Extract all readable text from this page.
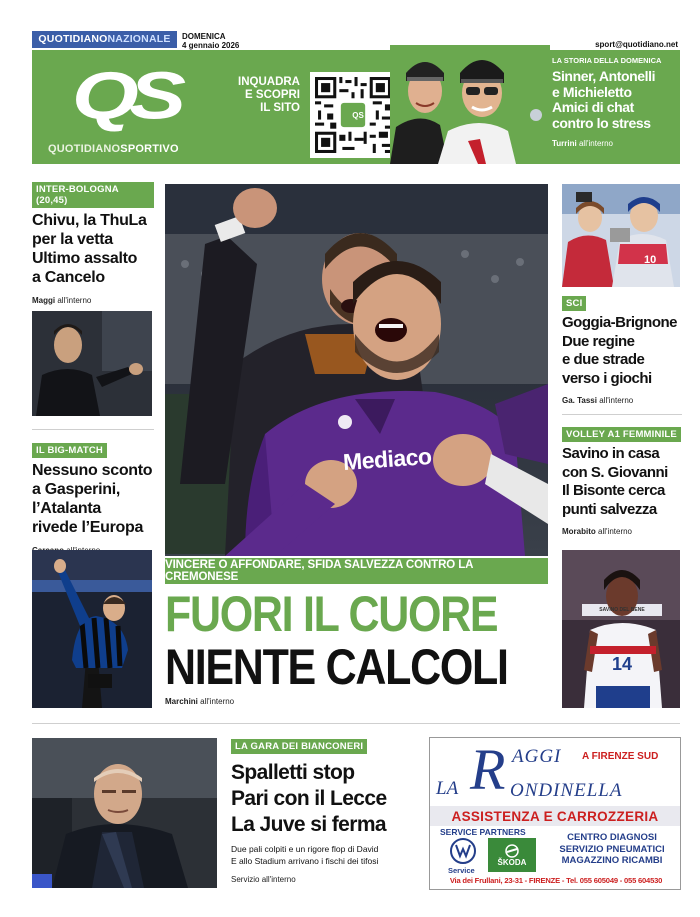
QUOTIDIANONAZIONALE	DOMENICA
4 gennaio 2026	sport@quotidiano.net
QS
QUOTIDIANOSPORTIVO
INQUADRA
E SCOPRI
IL SITO
QS
LA STORIA DELLA DOMENICA
Sinner, Antonelli
e Michieletto
Amici di chat
contro lo stress
Turrini all'interno
INTER-BOLOGNA (20,45)
Chivu, la ThuLa
per la vetta
Ultimo assalto
a Cancelo
Maggi all'interno
IL BIG-MATCH
Nessuno sconto
a Gasperini,
l’Atalanta
rivede l’Europa
Mediaco
VINCERE O AFFONDARE, SFIDA SALVEZZA CONTRO LA CREMONESE
FUORI IL CUORE
NIENTE CALCOLI
Marchini all'interno
10
SCI
Goggia-Brignone
Due regine
e due strade
verso i giochi
Ga. Tassi all'interno
VOLLEY A1 FEMMINILE
Savino in casa
con S. Giovanni
Il Bisonte cerca
punti salvezza
Morabito all'interno
SAVINO DEL BENE
14
LA GARA DEI BIANCONERI
Spalletti stop
Pari con il Lecce
La Juve si ferma
Due pali colpiti e un rigore flop di David
E allo Stadium arrivano i fischi dei tifosi
Servizio all'interno
LA R AGGI A FIRENZE SUD
ONDINELLA
ASSISTENZA E CARROZZERIA
SERVICE PARTNERS
Service
ŠKODA
CENTRO DIAGNOSI
SERVIZIO PNEUMATICI
MAGAZZINO RICAMBI
Via dei Frullani, 23-31 - FIRENZE - Tel. 055 605049 - 055 604530
